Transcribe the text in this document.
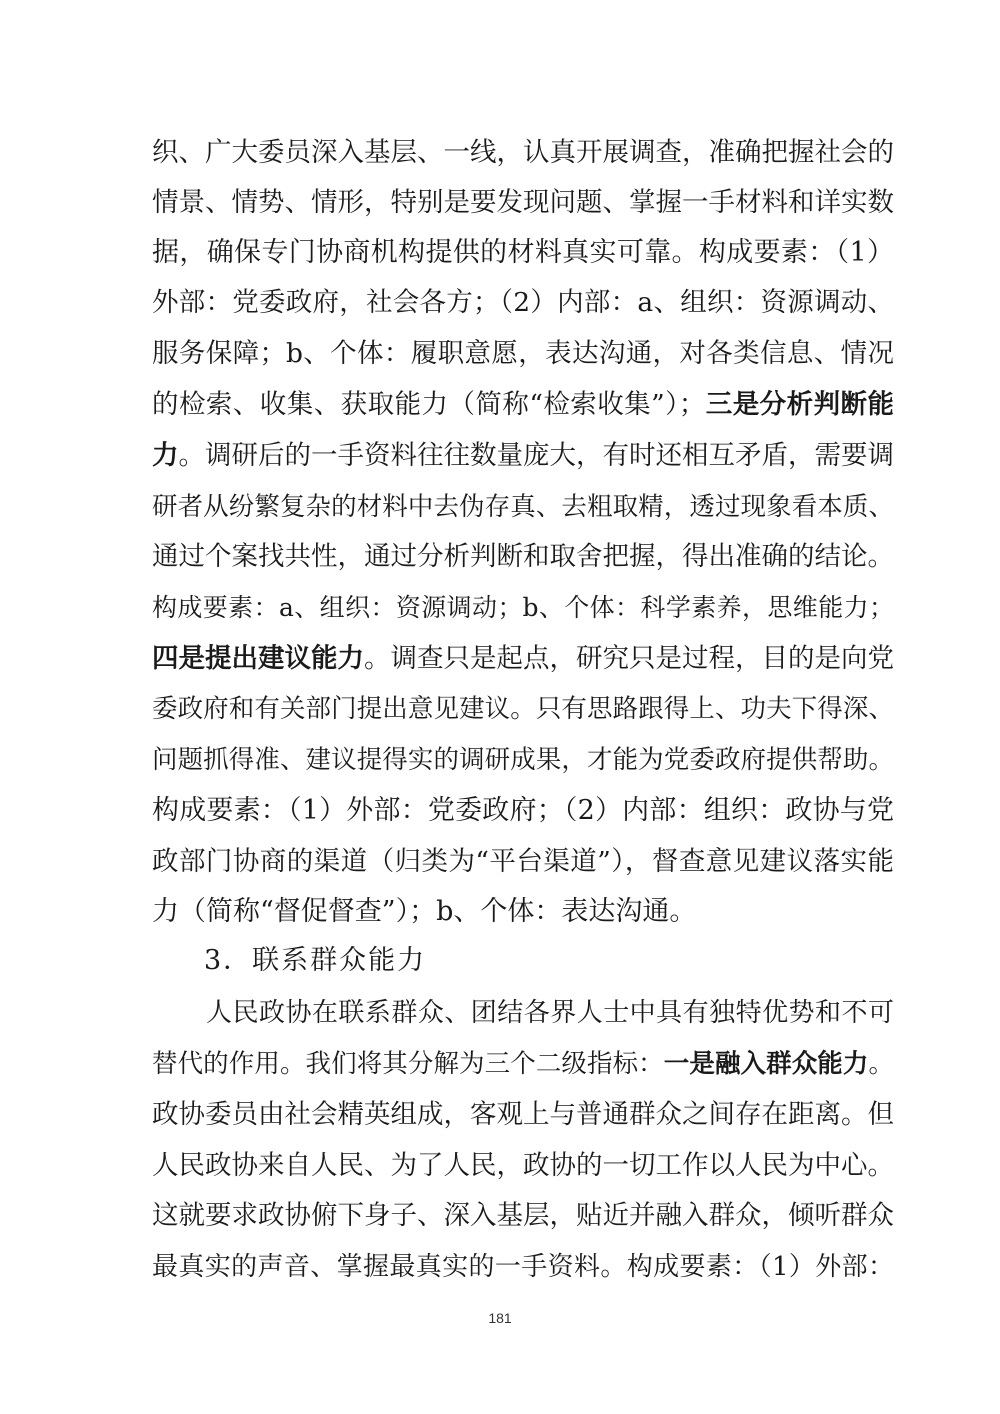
织、广大委员深入基层、一线，认真开展调查，准确把握社会的
情景、情势、情形，特别是要发现问题、掌握一手材料和详实数
据，确保专门协商机构提供的材料真实可靠。构成要素：（1）
外部：党委政府，社会各方；（2）内部：a、组织：资源调动、
服务保障；b、个体：履职意愿，表达沟通，对各类信息、情况
的检索、收集、获取能力（简称“检索收集”）；三是分析判断能
力。调研后的一手资料往往数量庞大，有时还相互矛盾，需要调
研者从纷繁复杂的材料中去伪存真、去粗取精，透过现象看本质、
通过个案找共性，通过分析判断和取舍把握，得出准确的结论。
构成要素：a、组织：资源调动；b、个体：科学素养，思维能力；
四是提出建议能力。调查只是起点，研究只是过程，目的是向党
委政府和有关部门提出意见建议。只有思路跟得上、功夫下得深、
问题抓得准、建议提得实的调研成果，才能为党委政府提供帮助。
构成要素：（1）外部：党委政府；（2）内部：组织：政协与党
政部门协商的渠道（归类为“平台渠道”），督查意见建议落实能
力（简称“督促督查”）；b、个体：表达沟通。
3．联系群众能力
人民政协在联系群众、团结各界人士中具有独特优势和不可
替代的作用。我们将其分解为三个二级指标：一是融入群众能力。
政协委员由社会精英组成，客观上与普通群众之间存在距离。但
人民政协来自人民、为了人民，政协的一切工作以人民为中心。
这就要求政协俯下身子、深入基层，贴近并融入群众，倾听群众
最真实的声音、掌握最真实的一手资料。构成要素：（1）外部：
181
